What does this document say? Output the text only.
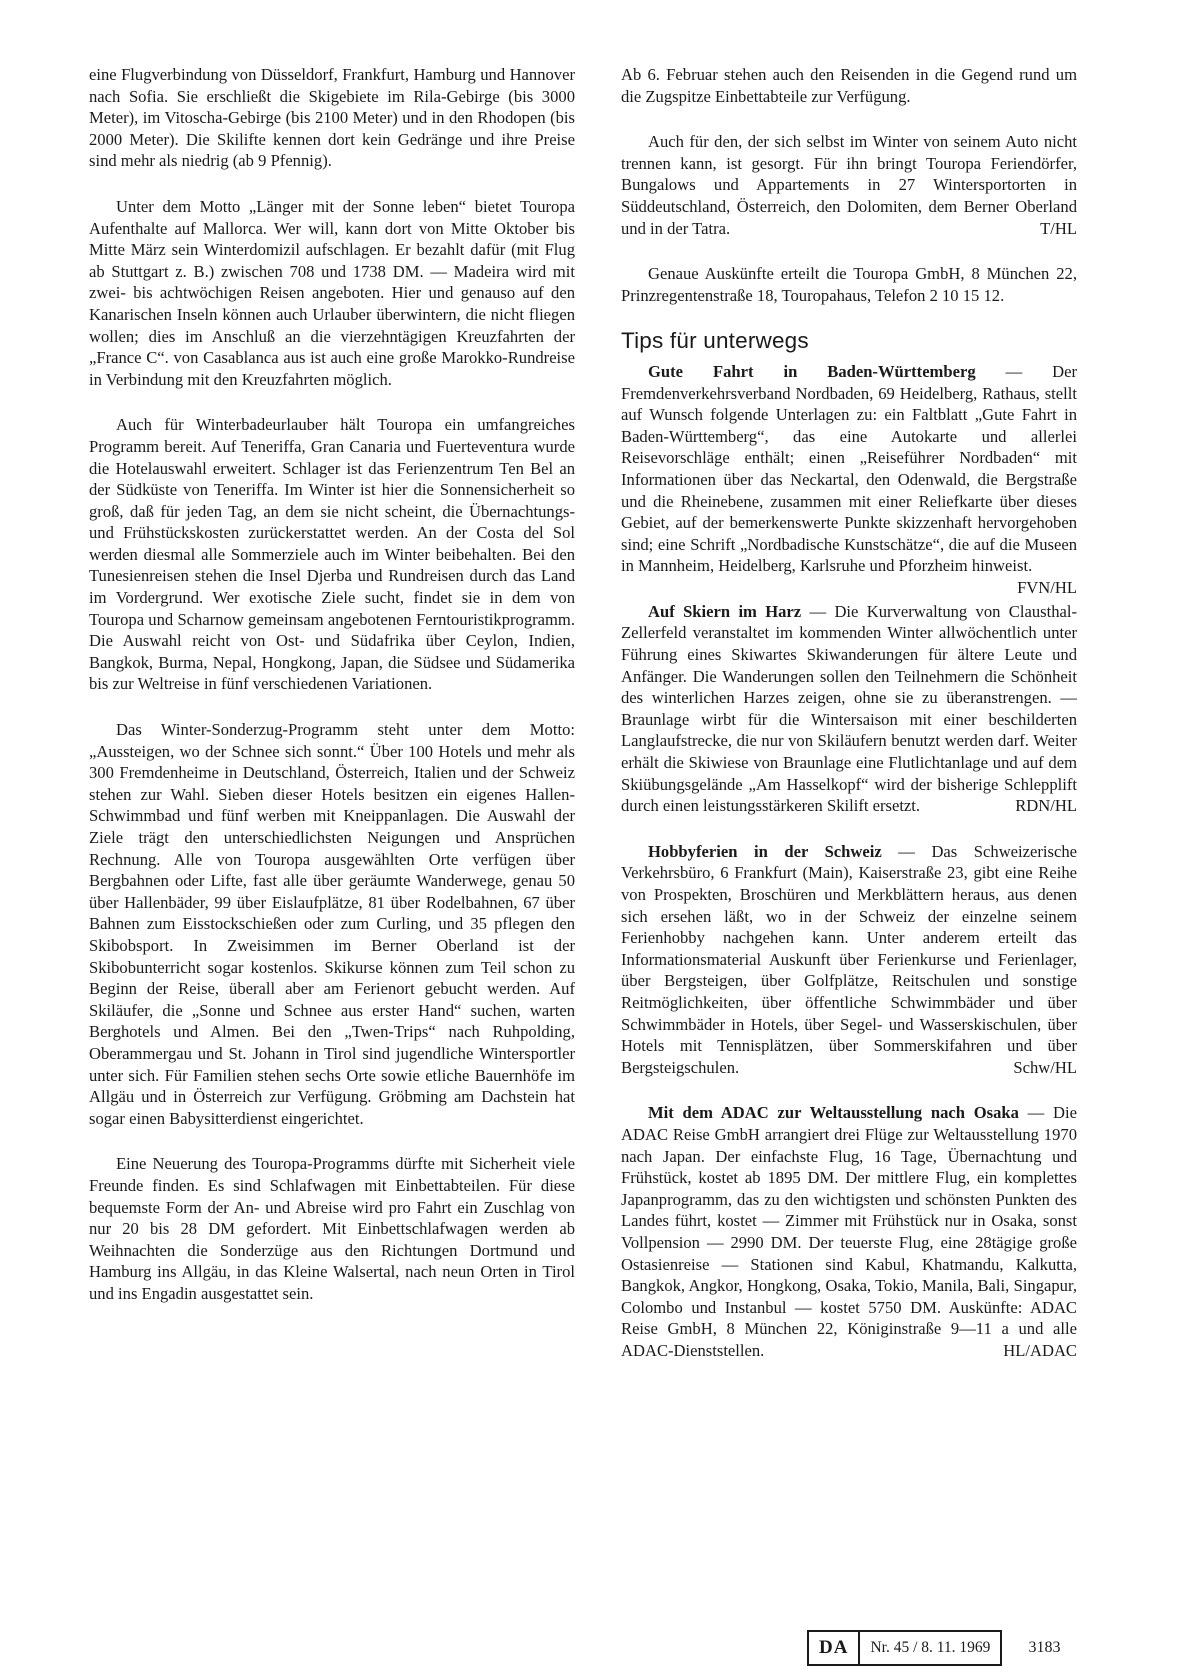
eine Flugverbindung von Düsseldorf, Frankfurt, Hamburg und Hannover nach Sofia. Sie erschließt die Skigebiete im Rila-Gebirge (bis 3000 Meter), im Vitoscha-Gebirge (bis 2100 Meter) und in den Rhodopen (bis 2000 Meter). Die Skilifte kennen dort kein Gedränge und ihre Preise sind mehr als niedrig (ab 9 Pfennig).

Unter dem Motto „Länger mit der Sonne leben“ bietet Touropa Aufenthalte auf Mallorca. Wer will, kann dort von Mitte Oktober bis Mitte März sein Winterdomizil aufschlagen. Er bezahlt dafür (mit Flug ab Stuttgart z. B.) zwischen 708 und 1738 DM. — Madeira wird mit zwei- bis achtwöchigen Reisen angeboten. Hier und genauso auf den Kanarischen Inseln können auch Urlauber überwintern, die nicht fliegen wollen; dies im Anschluß an die vierzehntägigen Kreuzfahrten der „France C“. von Casablanca aus ist auch eine große Marokko-Rundreise in Verbindung mit den Kreuzfahrten möglich.

Auch für Winterbadeurlauber hält Touropa ein umfangreiches Programm bereit. Auf Teneriffa, Gran Canaria und Fuerteventura wurde die Hotelauswahl erweitert. Schlager ist das Ferienzentrum Ten Bel an der Südküste von Teneriffa. Im Winter ist hier die Sonnensicherheit so groß, daß für jeden Tag, an dem sie nicht scheint, die Übernachtungs- und Frühstückskosten zurückerstattet werden. An der Costa del Sol werden diesmal alle Sommerziele auch im Winter beibehalten. Bei den Tunesienreisen stehen die Insel Djerba und Rundreisen durch das Land im Vordergrund. Wer exotische Ziele sucht, findet sie in dem von Touropa und Scharnow gemeinsam angebotenen Ferntouristikprogramm. Die Auswahl reicht von Ost- und Südafrika über Ceylon, Indien, Bangkok, Burma, Nepal, Hongkong, Japan, die Südsee und Südamerika bis zur Weltreise in fünf verschiedenen Variationen.

Das Winter-Sonderzug-Programm steht unter dem Motto: „Aussteigen, wo der Schnee sich sonnt.“ Über 100 Hotels und mehr als 300 Fremdenheime in Deutschland, Österreich, Italien und der Schweiz stehen zur Wahl. Sieben dieser Hotels besitzen ein eigenes Hallen-Schwimmbad und fünf werben mit Kneippanlagen. Die Auswahl der Ziele trägt den unterschiedlichsten Neigungen und Ansprüchen Rechnung. Alle von Touropa ausgewählten Orte verfügen über Bergbahnen oder Lifte, fast alle über geräumte Wanderwege, genau 50 über Hallenbäder, 99 über Eislaufplätze, 81 über Rodelbahnen, 67 über Bahnen zum Eisstockschießen oder zum Curling, und 35 pflegen den Skibobsport. In Zweisimmen im Berner Oberland ist der Skibobunterricht sogar kostenlos. Skikurse können zum Teil schon zu Beginn der Reise, überall aber am Ferienort gebucht werden. Auf Skiläufer, die „Sonne und Schnee aus erster Hand“ suchen, warten Berghotels und Almen. Bei den „Twen-Trips“ nach Ruhpolding, Oberammergau und St. Johann in Tirol sind jugendliche Wintersportler unter sich. Für Familien stehen sechs Orte sowie etliche Bauernhöfe im Allgäu und in Österreich zur Verfügung. Gröbming am Dachstein hat sogar einen Babysitterdienst eingerichtet.

Eine Neuerung des Touropa-Programms dürfte mit Sicherheit viele Freunde finden. Es sind Schlafwagen mit Einbettabteilen. Für diese bequemste Form der An- und Abreise wird pro Fahrt ein Zuschlag von nur 20 bis 28 DM gefordert. Mit Einbettschlafwagen werden ab Weihnachten die Sonderzüge aus den Richtungen Dortmund und Hamburg ins Allgäu, in das Kleine Walsertal, nach neun Orten in Tirol und ins Engadin ausgestattet sein.

Ab 6. Februar stehen auch den Reisenden in die Gegend rund um die Zugspitze Einbettabteile zur Verfügung.

Auch für den, der sich selbst im Winter von seinem Auto nicht trennen kann, ist gesorgt. Für ihn bringt Touropa Feriendörfer, Bungalows und Appartements in 27 Wintersportorten in Süddeutschland, Österreich, den Dolomiten, dem Berner Oberland und in der Tatra.	T/HL

Genaue Auskünfte erteilt die Touropa GmbH, 8 München 22, Prinzregentenstraße 18, Touropahaus, Telefon 2 10 15 12.

Tips für unterwegs

Gute Fahrt in Baden-Württemberg — Der Fremdenverkehrsverband Nordbaden, 69 Heidelberg, Rathaus, stellt auf Wunsch folgende Unterlagen zu: ein Faltblatt „Gute Fahrt in Baden-Württemberg“, das eine Autokarte und allerlei Reisevorschläge enthält; einen „Reiseführer Nordbaden“ mit Informationen über das Neckartal, den Odenwald, die Bergstraße und die Rheinebene, zusammen mit einer Reliefkarte über dieses Gebiet, auf der bemerkenswerte Punkte skizzenhaft hervorgehoben sind; eine Schrift „Nordbadische Kunstschätze“, die auf die Museen in Mannheim, Heidelberg, Karlsruhe und Pforzheim hinweist.
FVN/HL

Auf Skiern im Harz — Die Kurverwaltung von Clausthal-Zellerfeld veranstaltet im kommenden Winter allwöchentlich unter Führung eines Skiwartes Skiwanderungen für ältere Leute und Anfänger. Die Wanderungen sollen den Teilnehmern die Schönheit des winterlichen Harzes zeigen, ohne sie zu überanstrengen. — Braunlage wirbt für die Wintersaison mit einer beschilderten Langlaufstrecke, die nur von Skiläufern benutzt werden darf. Weiter erhält die Skiwiese von Braunlage eine Flutlichtanlage und auf dem Skiübungsgelände „Am Hasselkopf“ wird der bisherige Schlepplift durch einen leistungsstärkeren Skilift ersetzt.	RDN/HL

Hobbyferien in der Schweiz — Das Schweizerische Verkehrsbüro, 6 Frankfurt (Main), Kaiserstraße 23, gibt eine Reihe von Prospekten, Broschüren und Merkblättern heraus, aus denen sich ersehen läßt, wo in der Schweiz der einzelne seinem Ferienhobby nachgehen kann. Unter anderem erteilt das Informationsmaterial Auskunft über Ferienkurse und Ferienlager, über Bergsteigen, über Golfplätze, Reitschulen und sonstige Reitmöglichkeiten, über öffentliche Schwimmbäder und über Schwimmbäder in Hotels, über Segel- und Wasserskischulen, über Hotels mit Tennisplätzen, über Sommerskifahren und über Bergsteigschulen.	Schw/HL

Mit dem ADAC zur Weltausstellung nach Osaka — Die ADAC Reise GmbH arrangiert drei Flüge zur Weltausstellung 1970 nach Japan. Der einfachste Flug, 16 Tage, Übernachtung und Frühstück, kostet ab 1895 DM. Der mittlere Flug, ein komplettes Japanprogramm, das zu den wichtigsten und schönsten Punkten des Landes führt, kostet — Zimmer mit Frühstück nur in Osaka, sonst Vollpension — 2990 DM. Der teuerste Flug, eine 28tägige große Ostasienreise — Stationen sind Kabul, Khatmandu, Kalkutta, Bangkok, Angkor, Hongkong, Osaka, Tokio, Manila, Bali, Singapur, Colombo und Instanbul — kostet 5750 DM. Auskünfte: ADAC Reise GmbH, 8 München 22, Königinstraße 9—11 a und alle ADAC-Dienststellen.	HL/ADAC

DA	Nr. 45 / 8. 11. 1969	3183
